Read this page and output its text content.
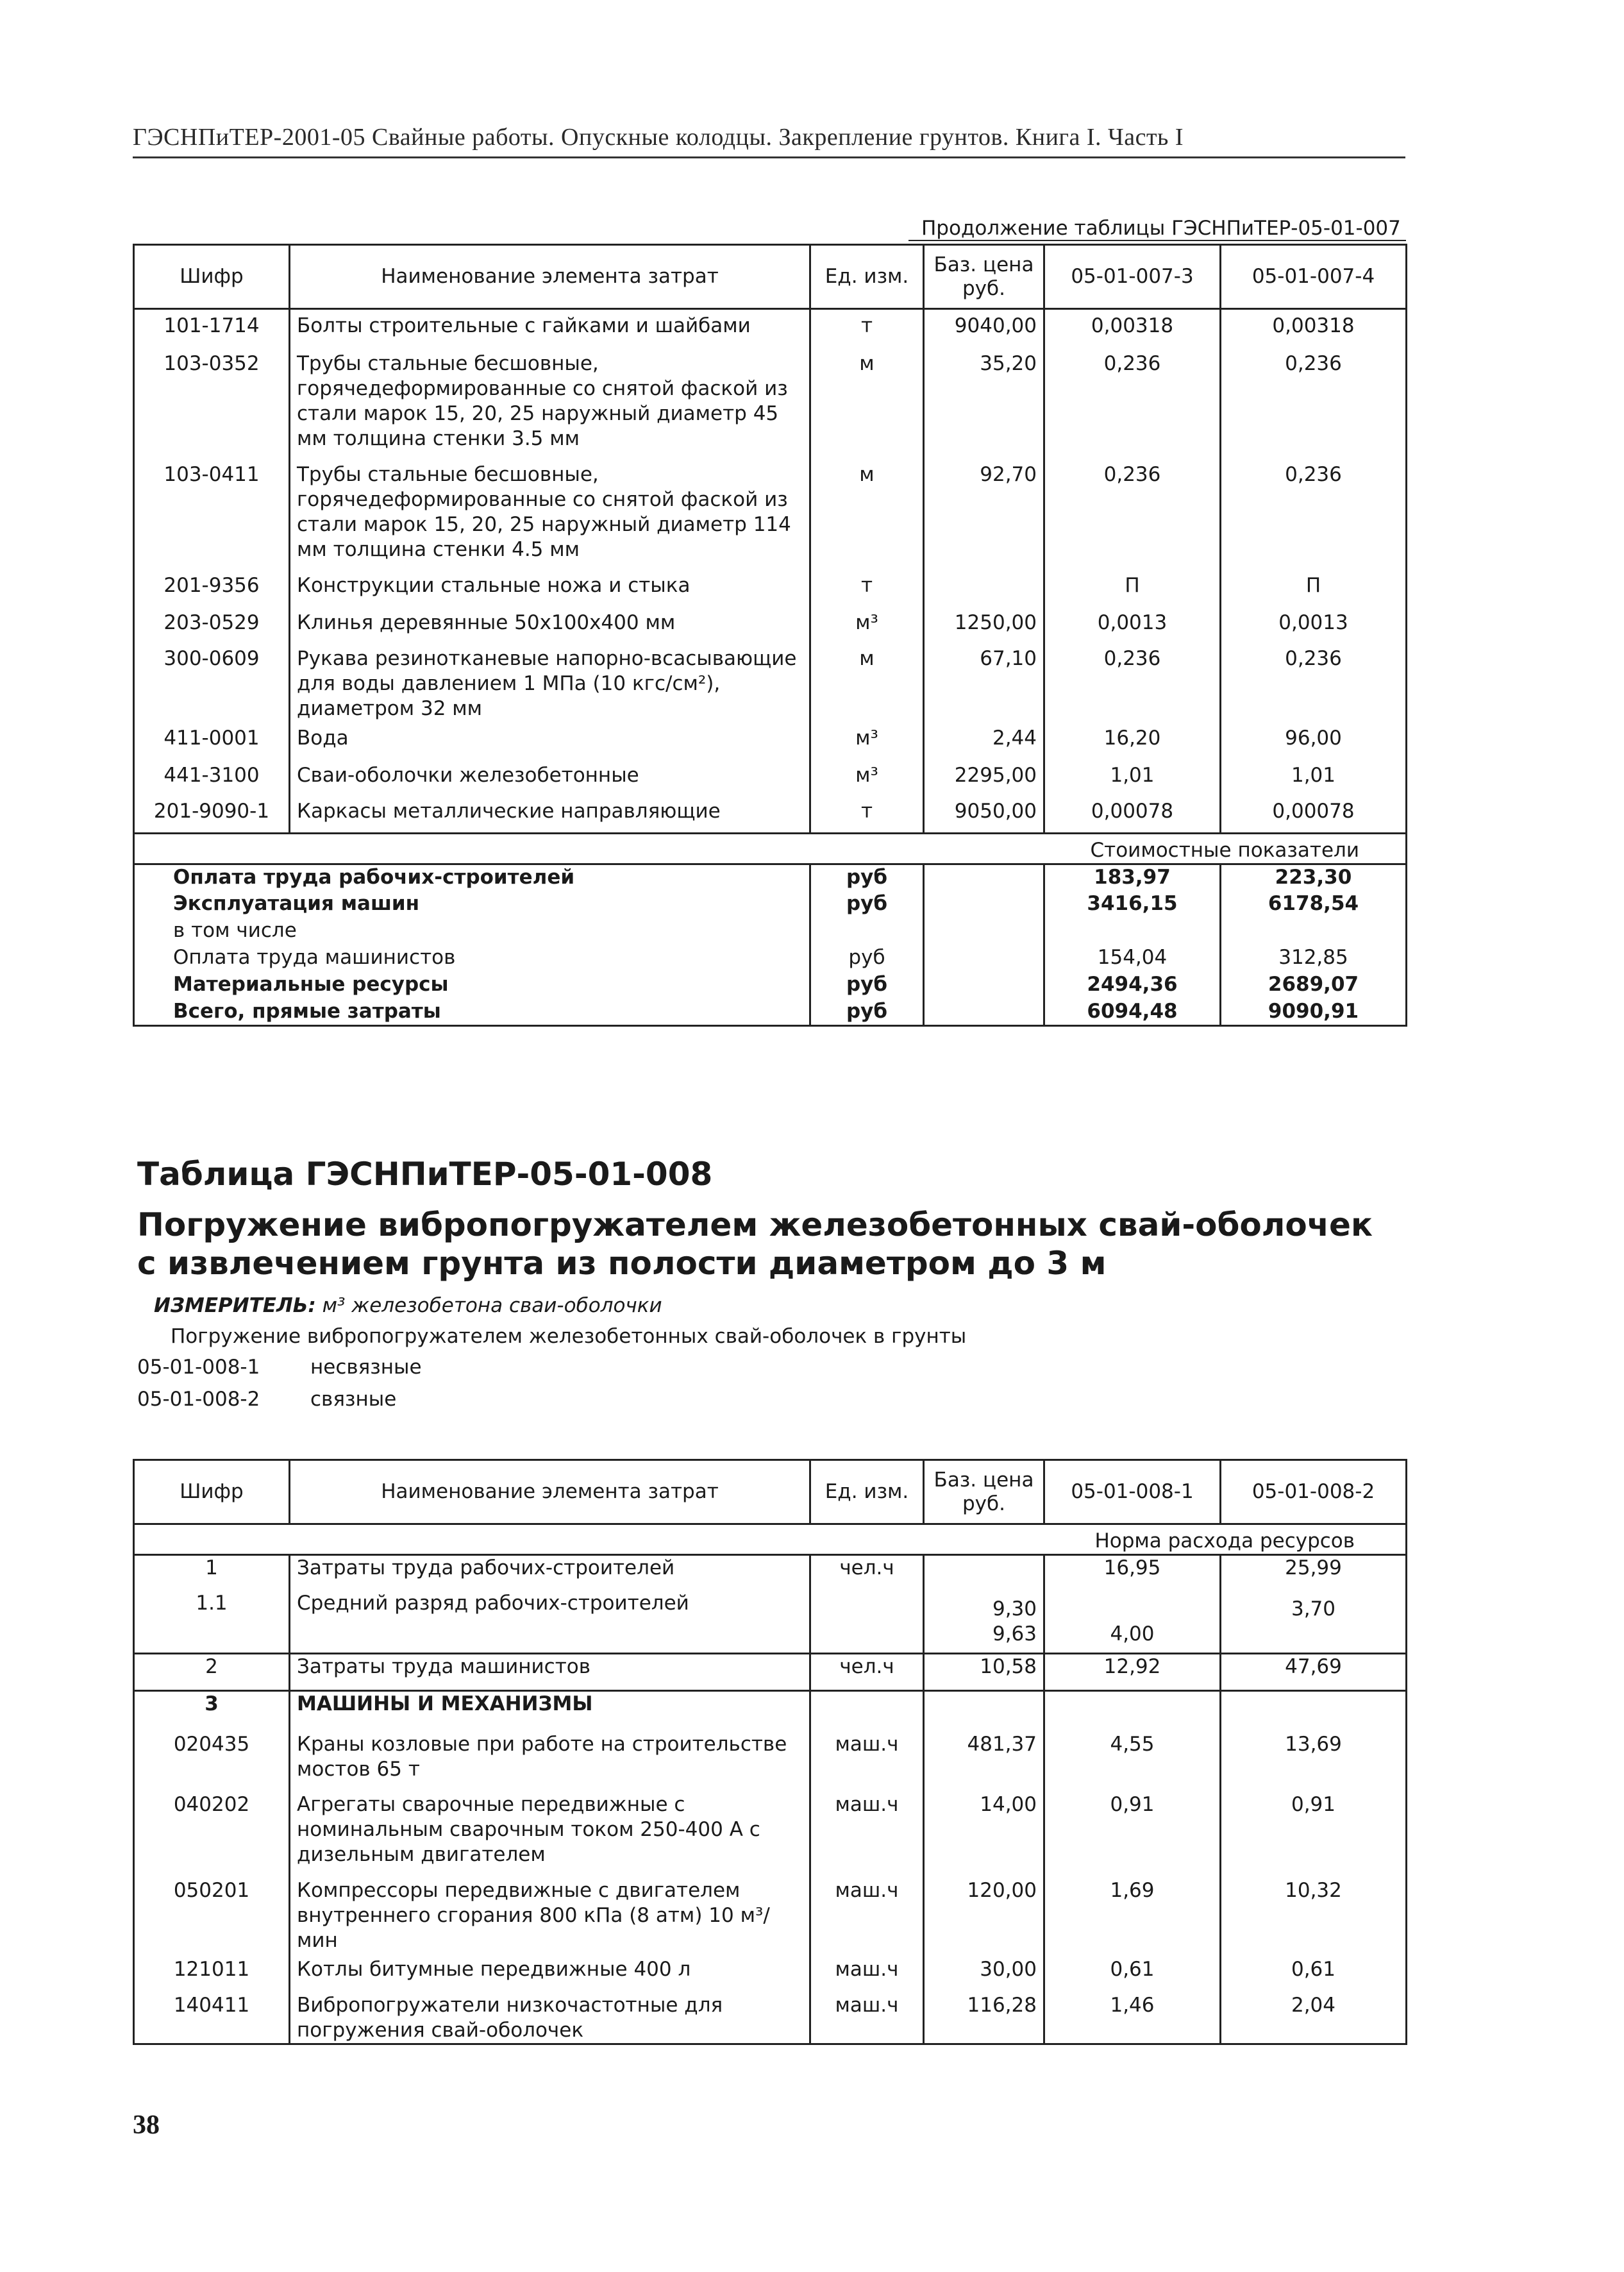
ГЭСНПиТЕР-2001-05 Свайные работы. Опускные колодцы. Закрепление грунтов. Книга I. Часть I
Продолжение таблицы ГЭСНПиТЕР-05-01-007
Шифр	Наименование элемента затрат	Ед. изм.	Баз. цена руб.	05-01-007-3	05-01-007-4
101-1714	Болты строительные с гайками и шайбами	т	9040,00	0,00318	0,00318
103-0352	Трубы стальные бесшовные, горячедеформированные со снятой фаской из стали марок 15, 20, 25 наружный диаметр 45 мм толщина стенки 3.5 мм	м	35,20	0,236	0,236
103-0411	Трубы стальные бесшовные, горячедеформированные со снятой фаской из стали марок 15, 20, 25 наружный диаметр 114 мм толщина стенки 4.5 мм	м	92,70	0,236	0,236
201-9356	Конструкции стальные ножа и стыка	т		П	П
203-0529	Клинья деревянные 50х100х400 мм	м³	1250,00	0,0013	0,0013
300-0609	Рукава резинотканевые напорно-всасывающие для воды давлением 1 МПа (10 кгс/см²), диаметром 32 мм	м	67,10	0,236	0,236
411-0001	Вода	м³	2,44	16,20	96,00
441-3100	Сваи-оболочки железобетонные	м³	2295,00	1,01	1,01
201-9090-1	Каркасы металлические направляющие	т	9050,00	0,00078	0,00078
				Стоимостные показатели	
Оплата труда рабочих-строителей		руб		183,97	223,30
Эксплуатация машин		руб		3416,15	6178,54
в том числе					
Оплата труда машинистов		руб		154,04	312,85
Материальные ресурсы		руб		2494,36	2689,07
Всего, прямые затраты		руб		6094,48	9090,91
Таблица ГЭСНПиТЕР-05-01-008
Погружение вибропогружателем железобетонных свай-оболочек с извлечением грунта из полости диаметром до 3 м
ИЗМЕРИТЕЛЬ: м³ железобетона сваи-оболочки
Погружение вибропогружателем железобетонных свай-оболочек в грунты
05-01-008-1	несвязные
05-01-008-2	связные
Шифр	Наименование элемента затрат	Ед. изм.	Баз. цена руб.	05-01-008-1	05-01-008-2
				Норма расхода ресурсов	
1	Затраты труда рабочих-строителей	чел.ч		16,95	25,99
1.1	Средний разряд рабочих-строителей		9,30		3,70
			9,63	4,00	
2	Затраты труда машинистов	чел.ч	10,58	12,92	47,69
3	МАШИНЫ И МЕХАНИЗМЫ				
020435	Краны козловые при работе на строительстве мостов 65 т	маш.ч	481,37	4,55	13,69
040202	Агрегаты сварочные передвижные с номинальным сварочным током 250-400 А с дизельным двигателем	маш.ч	14,00	0,91	0,91
050201	Компрессоры передвижные с двигателем внутреннего сгорания 800 кПа (8 атм) 10 м³/мин	маш.ч	120,00	1,69	10,32
121011	Котлы битумные передвижные 400 л	маш.ч	30,00	0,61	0,61
140411	Вибропогружатели низкочастотные для погружения свай-оболочек	маш.ч	116,28	1,46	2,04
38
